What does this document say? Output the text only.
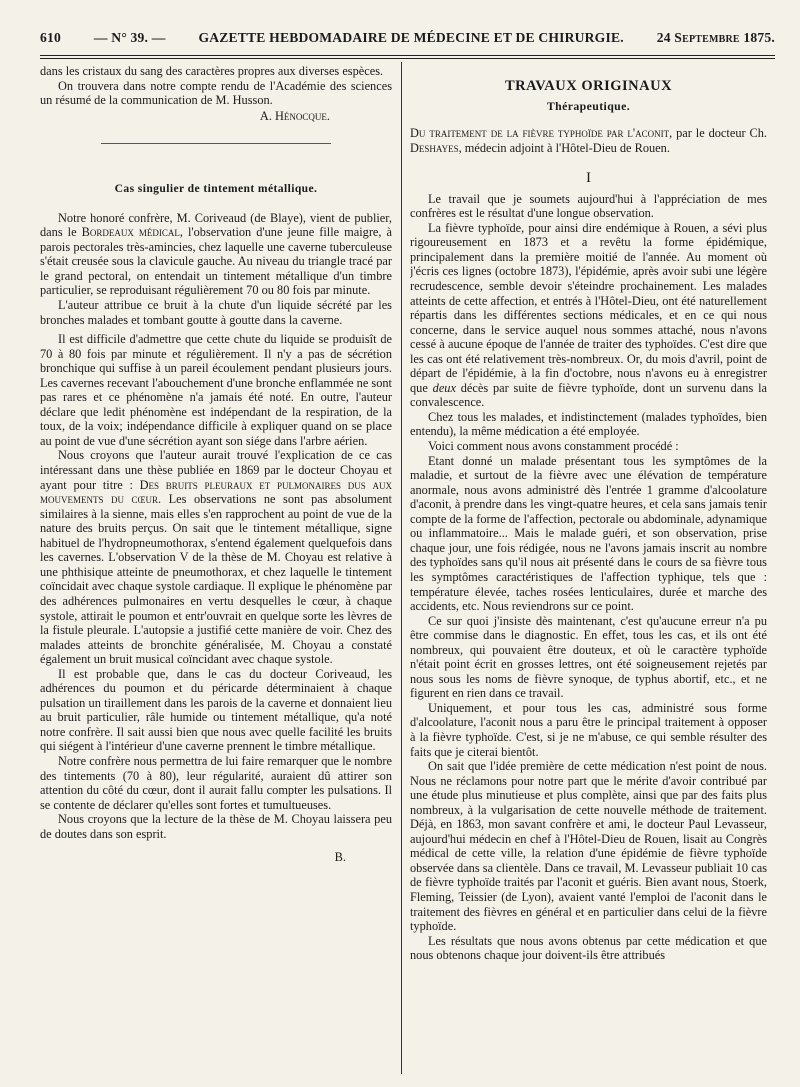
610 — N° 39. — GAZETTE HEBDOMADAIRE DE MÉDECINE ET DE CHIRURGIE. 24 Septembre 1875.

dans les cristaux du sang des caractères propres aux diverses espèces.

On trouvera dans notre compte rendu de l'Académie des sciences un résumé de la communication de M. Husson.

A. Hénocque.

Cas singulier de tintement métallique.

Notre honoré confrère, M. Coriveaud (de Blaye), vient de publier, dans le Bordeaux médical, l'observation d'une jeune fille maigre, à parois pectorales très-amincies, chez laquelle une caverne tuberculeuse s'était creusée sous la clavicule gauche. Au niveau du triangle tracé par le grand pectoral, on entendait un tintement métallique d'un timbre particulier, se reproduisant régulièrement 70 ou 80 fois par minute.

L'auteur attribue ce bruit à la chute d'un liquide sécrété par les bronches malades et tombant goutte à goutte dans la caverne.

Il est difficile d'admettre que cette chute du liquide se produisît de 70 à 80 fois par minute et régulièrement. Il n'y a pas de sécrétion bronchique qui suffise à un pareil écoulement pendant plusieurs jours. Les cavernes recevant l'abouchement d'une bronche enflammée ne sont pas rares et ce phénomène n'a jamais été noté. En outre, l'auteur déclare que ledit phénomène est indépendant de la respiration, de la toux, de la voix; indépendance difficile à expliquer quand on se place au point de vue d'une sécrétion ayant son siége dans l'arbre aérien.

Nous croyons que l'auteur aurait trouvé l'explication de ce cas intéressant dans une thèse publiée en 1869 par le docteur Choyau et ayant pour titre : Des bruits pleuraux et pulmonaires dus aux mouvements du cœur. Les observations ne sont pas absolument similaires à la sienne, mais elles s'en rapprochent au point de vue de la nature des bruits perçus. On sait que le tintement métallique, signe habituel de l'hydropneumothorax, s'entend également quelquefois dans les cavernes. L'observation V de la thèse de M. Choyau est relative à une phthisique atteinte de pneumothorax, et chez laquelle le tintement coïncidait avec chaque systole cardiaque. Il explique le phénomène par des adhérences pulmonaires en vertu desquelles le cœur, à chaque systole, attirait le poumon et entr'ouvrait en quelque sorte les lèvres de la fistule pleurale. L'autopsie a justifié cette manière de voir. Chez des malades atteints de bronchite généralisée, M. Choyau a constaté également un bruit musical coïncidant avec chaque systole.

Il est probable que, dans le cas du docteur Coriveaud, les adhérences du poumon et du péricarde déterminaient à chaque pulsation un tiraillement dans les parois de la caverne et donnaient lieu au bruit particulier, râle humide ou tintement métallique, qu'a noté notre confrère. Il sait aussi bien que nous avec quelle facilité les bruits qui siégent à l'intérieur d'une caverne prennent le timbre métallique.

Notre confrère nous permettra de lui faire remarquer que le nombre des tintements (70 à 80), leur régularité, auraient dû attirer son attention du côté du cœur, dont il aurait fallu compter les pulsations. Il se contente de déclarer qu'elles sont fortes et tumultueuses.

Nous croyons que la lecture de la thèse de M. Choyau laissera peu de doutes dans son esprit.

B.

TRAVAUX ORIGINAUX
Thérapeutique.

Du traitement de la fièvre typhoïde par l'aconit, par le docteur Ch. Deshayes, médecin adjoint à l'Hôtel-Dieu de Rouen.

I

Le travail que je soumets aujourd'hui à l'appréciation de mes confrères est le résultat d'une longue observation.

La fièvre typhoïde, pour ainsi dire endémique à Rouen, a sévi plus rigoureusement en 1873 et a revêtu la forme épidémique, principalement dans la première moitié de l'année. Au moment où j'écris ces lignes (octobre 1873), l'épidémie, après avoir subi une légère recrudescence, semble devoir s'éteindre prochainement. Les malades atteints de cette affection, et entrés à l'Hôtel-Dieu, ont été naturellement répartis dans les différentes sections médicales, et en ce qui nous concerne, dans le service auquel nous sommes attaché, nous n'avons cessé à aucune époque de l'année de traiter des typhoïdes. C'est dire que les cas ont été relativement très-nombreux. Or, du mois d'avril, point de départ de l'épidémie, à la fin d'octobre, nous n'avons eu à enregistrer que deux décès par suite de fièvre typhoïde, dont un survenu dans la convalescence.

Chez tous les malades, et indistinctement (malades typhoïdes, bien entendu), la même médication a été employée.

Voici comment nous avons constamment procédé :

Etant donné un malade présentant tous les symptômes de la maladie, et surtout de la fièvre avec une élévation de température anormale, nous avons administré dès l'entrée 1 gramme d'alcoolature d'aconit, à prendre dans les vingt-quatre heures, et cela sans jamais tenir compte de la forme de l'affection, pectorale ou abdominale, adynamique ou inflammatoire... Mais le malade guéri, et son observation, prise chaque jour, une fois rédigée, nous ne l'avons jamais inscrit au nombre des typhoïdes sans qu'il nous ait présenté dans le cours de sa fièvre tous les symptômes caractéristiques de l'affection typhique, tels que : température élevée, taches rosées lenticulaires, durée et marche des accidents, etc. Nous reviendrons sur ce point.

Ce sur quoi j'insiste dès maintenant, c'est qu'aucune erreur n'a pu être commise dans le diagnostic. En effet, tous les cas, et ils ont été nombreux, qui pouvaient être douteux, et où le caractère typhoïde n'était point écrit en grosses lettres, ont été soigneusement rejetés par nous sous les noms de fièvre synoque, de typhus abortif, etc., et ne figurent en rien dans ce travail.

Uniquement, et pour tous les cas, administré sous forme d'alcoolature, l'aconit nous a paru être le principal traitement à opposer à la fièvre typhoïde. C'est, si je ne m'abuse, ce qui semble résulter des faits que je citerai bientôt.

On sait que l'idée première de cette médication n'est point de nous. Nous ne réclamons pour notre part que le mérite d'avoir contribué par une étude plus minutieuse et plus complète, ainsi que par des faits plus nombreux, à la vulgarisation de cette nouvelle méthode de traitement. Déjà, en 1863, mon savant confrère et ami, le docteur Paul Levasseur, aujourd'hui médecin en chef à l'Hôtel-Dieu de Rouen, lisait au Congrès médical de cette ville, la relation d'une épidémie de fièvre typhoïde observée dans sa clientèle. Dans ce travail, M. Levasseur publiait 10 cas de fièvre typhoïde traités par l'aconit et guéris. Bien avant nous, Stoerk, Fleming, Teissier (de Lyon), avaient vanté l'emploi de l'aconit dans le traitement des fièvres en général et en particulier dans celui de la fièvre typhoïde.

Les résultats que nous avons obtenus par cette médication et que nous obtenons chaque jour doivent-ils être attribués
